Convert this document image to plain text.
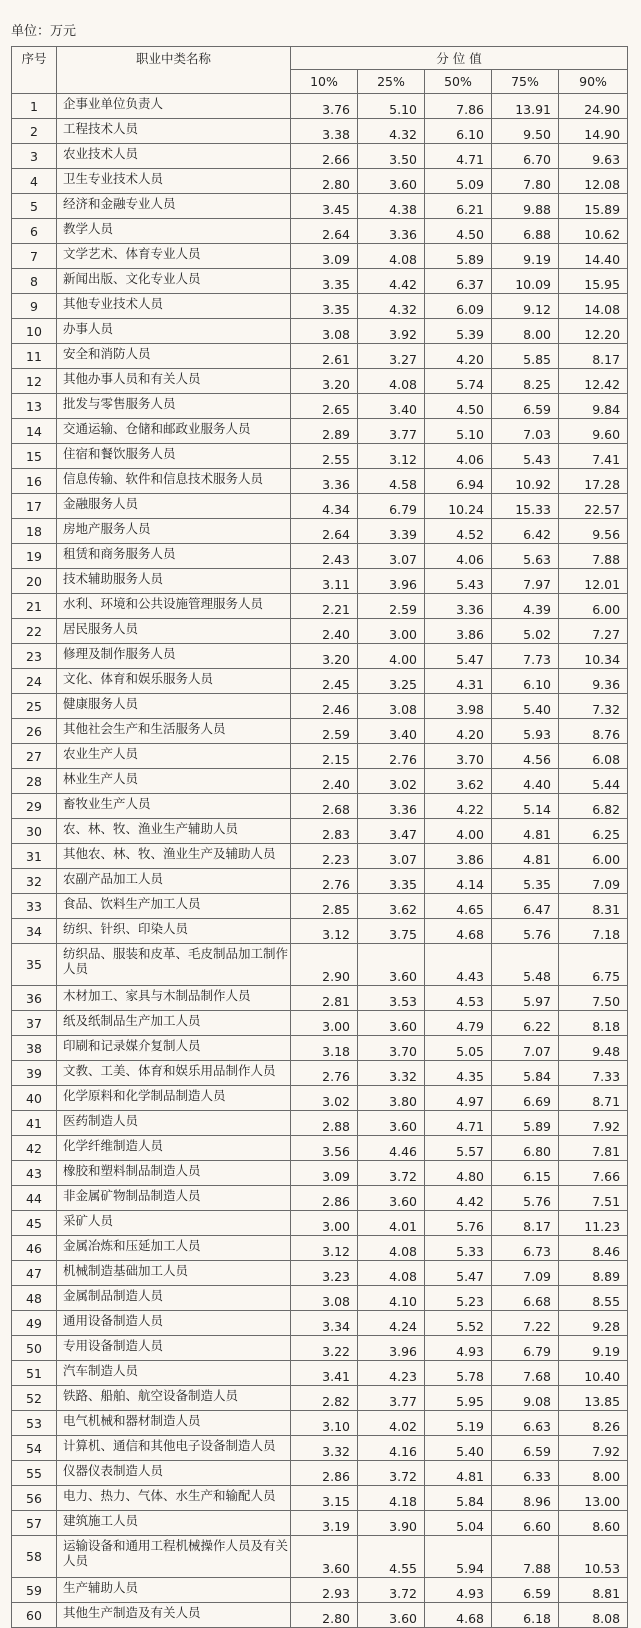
单位：万元
序号	职业中类名称	分 位 值				
		10%	25%	50%	75%	90%
1	企事业单位负责人	3.76	5.10	7.86	13.91	24.90
2	工程技术人员	3.38	4.32	6.10	9.50	14.90
3	农业技术人员	2.66	3.50	4.71	6.70	9.63
4	卫生专业技术人员	2.80	3.60	5.09	7.80	12.08
5	经济和金融专业人员	3.45	4.38	6.21	9.88	15.89
6	教学人员	2.64	3.36	4.50	6.88	10.62
7	文学艺术、体育专业人员	3.09	4.08	5.89	9.19	14.40
8	新闻出版、文化专业人员	3.35	4.42	6.37	10.09	15.95
9	其他专业技术人员	3.35	4.32	6.09	9.12	14.08
10	办事人员	3.08	3.92	5.39	8.00	12.20
11	安全和消防人员	2.61	3.27	4.20	5.85	8.17
12	其他办事人员和有关人员	3.20	4.08	5.74	8.25	12.42
13	批发与零售服务人员	2.65	3.40	4.50	6.59	9.84
14	交通运输、仓储和邮政业服务人员	2.89	3.77	5.10	7.03	9.60
15	住宿和餐饮服务人员	2.55	3.12	4.06	5.43	7.41
16	信息传输、软件和信息技术服务人员	3.36	4.58	6.94	10.92	17.28
17	金融服务人员	4.34	6.79	10.24	15.33	22.57
18	房地产服务人员	2.64	3.39	4.52	6.42	9.56
19	租赁和商务服务人员	2.43	3.07	4.06	5.63	7.88
20	技术辅助服务人员	3.11	3.96	5.43	7.97	12.01
21	水利、环境和公共设施管理服务人员	2.21	2.59	3.36	4.39	6.00
22	居民服务人员	2.40	3.00	3.86	5.02	7.27
23	修理及制作服务人员	3.20	4.00	5.47	7.73	10.34
24	文化、体育和娱乐服务人员	2.45	3.25	4.31	6.10	9.36
25	健康服务人员	2.46	3.08	3.98	5.40	7.32
26	其他社会生产和生活服务人员	2.59	3.40	4.20	5.93	8.76
27	农业生产人员	2.15	2.76	3.70	4.56	6.08
28	林业生产人员	2.40	3.02	3.62	4.40	5.44
29	畜牧业生产人员	2.68	3.36	4.22	5.14	6.82
30	农、林、牧、渔业生产辅助人员	2.83	3.47	4.00	4.81	6.25
31	其他农、林、牧、渔业生产及辅助人员	2.23	3.07	3.86	4.81	6.00
32	农副产品加工人员	2.76	3.35	4.14	5.35	7.09
33	食品、饮料生产加工人员	2.85	3.62	4.65	6.47	8.31
34	纺织、针织、印染人员	3.12	3.75	4.68	5.76	7.18
35	纺织品、服装和皮革、毛皮制品加工制作人员	2.90	3.60	4.43	5.48	6.75
36	木材加工、家具与木制品制作人员	2.81	3.53	4.53	5.97	7.50
37	纸及纸制品生产加工人员	3.00	3.60	4.79	6.22	8.18
38	印刷和记录媒介复制人员	3.18	3.70	5.05	7.07	9.48
39	文教、工美、体育和娱乐用品制作人员	2.76	3.32	4.35	5.84	7.33
40	化学原料和化学制品制造人员	3.02	3.80	4.97	6.69	8.71
41	医药制造人员	2.88	3.60	4.71	5.89	7.92
42	化学纤维制造人员	3.56	4.46	5.57	6.80	7.81
43	橡胶和塑料制品制造人员	3.09	3.72	4.80	6.15	7.66
44	非金属矿物制品制造人员	2.86	3.60	4.42	5.76	7.51
45	采矿人员	3.00	4.01	5.76	8.17	11.23
46	金属冶炼和压延加工人员	3.12	4.08	5.33	6.73	8.46
47	机械制造基础加工人员	3.23	4.08	5.47	7.09	8.89
48	金属制品制造人员	3.08	4.10	5.23	6.68	8.55
49	通用设备制造人员	3.34	4.24	5.52	7.22	9.28
50	专用设备制造人员	3.22	3.96	4.93	6.79	9.19
51	汽车制造人员	3.41	4.23	5.78	7.68	10.40
52	铁路、船舶、航空设备制造人员	2.82	3.77	5.95	9.08	13.85
53	电气机械和器材制造人员	3.10	4.02	5.19	6.63	8.26
54	计算机、通信和其他电子设备制造人员	3.32	4.16	5.40	6.59	7.92
55	仪器仪表制造人员	2.86	3.72	4.81	6.33	8.00
56	电力、热力、气体、水生产和输配人员	3.15	4.18	5.84	8.96	13.00
57	建筑施工人员	3.19	3.90	5.04	6.60	8.60
58	运输设备和通用工程机械操作人员及有关人员	3.60	4.55	5.94	7.88	10.53
59	生产辅助人员	2.93	3.72	4.93	6.59	8.81
60	其他生产制造及有关人员	2.80	3.60	4.68	6.18	8.08
